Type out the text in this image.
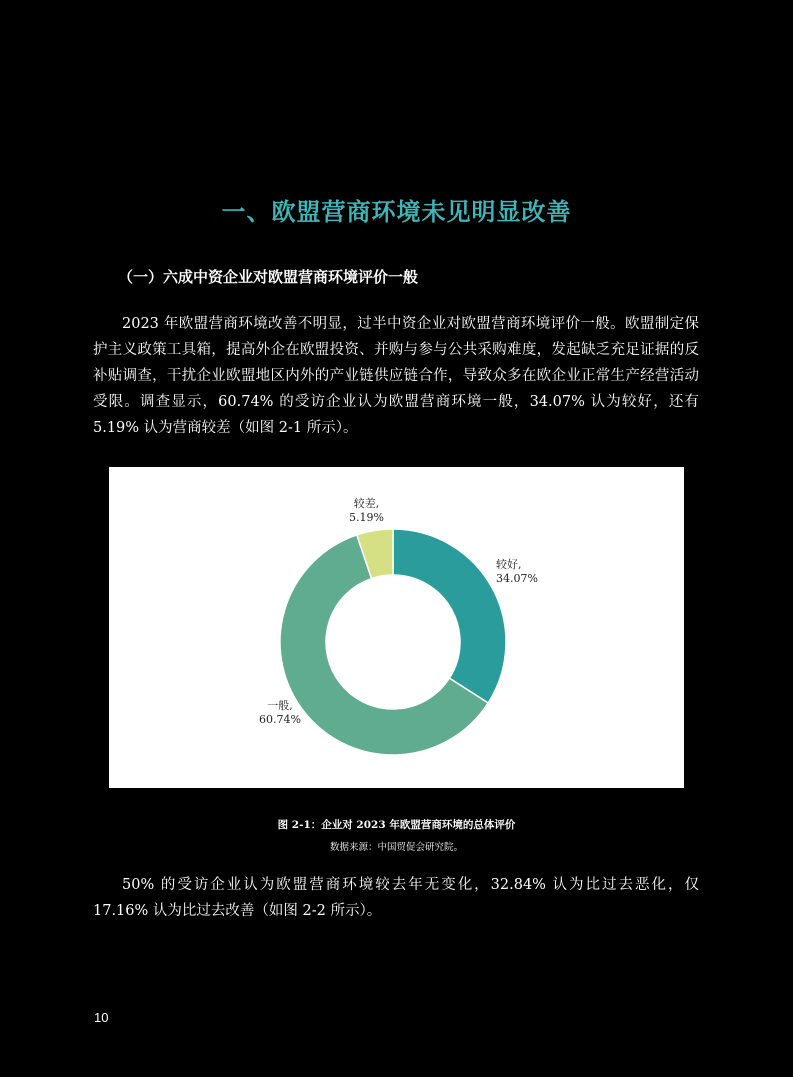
一、欧盟营商环境未见明显改善
（一）六成中资企业对欧盟营商环境评价一般

2023 年欧盟营商环境改善不明显，过半中资企业对欧盟营商环境评价一般。欧盟制定保护主义政策工具箱，提高外企在欧盟投资、并购与参与公共采购难度，发起缺乏充足证据的反补贴调查，干扰企业欧盟地区内外的产业链供应链合作，导致众多在欧企业正常生产经营活动受限。调查显示，60.74% 的受访企业认为欧盟营商环境一般，34.07% 认为较好，还有 5.19% 认为营商较差（如图 2-1 所示）。

较好,
34.07%
一般,
60.74%
较差,
5.19%

图 2-1：企业对 2023 年欧盟营商环境的总体评价

数据来源：中国贸促会研究院。

50% 的受访企业认为欧盟营商环境较去年无变化，32.84% 认为比过去恶化，仅 17.16% 认为比过去改善（如图 2-2 所示）。

10
